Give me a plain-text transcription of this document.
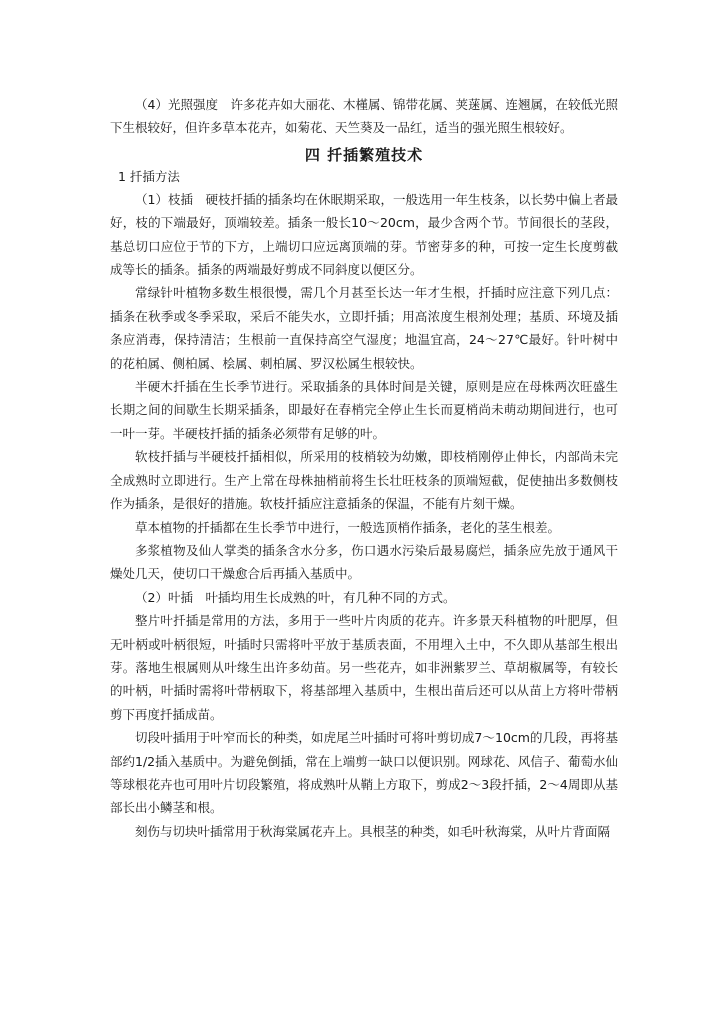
（4）光照强度　许多花卉如大丽花、木槿属、锦带花属、荚蒾属、连翘属，在较低光照下生根较好，但许多草本花卉，如菊花、天竺葵及一品红，适当的强光照生根较好。

四 扦插繁殖技术
1 扦插方法

（1）枝插　硬枝扦插的插条均在休眠期采取，一般选用一年生枝条，以长势中偏上者最好，枝的下端最好，顶端较差。插条一般长10～20cm，最少含两个节。节间很长的茎段，基总切口应位于节的下方，上端切口应远离顶端的芽。节密芽多的种，可按一定生长度剪截成等长的插条。插条的两端最好剪成不同斜度以便区分。

常绿针叶植物多数生根很慢，需几个月甚至长达一年才生根，扦插时应注意下列几点：插条在秋季或冬季采取，采后不能失水，立即扦插；用高浓度生根剂处理；基质、环境及插条应消毒，保持清洁；生根前一直保持高空气湿度；地温宜高，24～27℃最好。针叶树中的花柏属、侧柏属、桧属、刺柏属、罗汉松属生根较快。

半硬木扦插在生长季节进行。采取插条的具体时间是关键，原则是应在母株两次旺盛生长期之间的间歇生长期采插条，即最好在春梢完全停止生长而夏梢尚未萌动期间进行，也可一叶一芽。半硬枝扦插的插条必须带有足够的叶。

软枝扦插与半硬枝扦插相似，所采用的枝梢较为幼嫩，即枝梢刚停止伸长，内部尚未完全成熟时立即进行。生产上常在母株抽梢前将生长壮旺枝条的顶端短截，促使抽出多数侧枝作为插条，是很好的措施。软枝扦插应注意插条的保温，不能有片刻干燥。

草本植物的扦插都在生长季节中进行，一般选顶梢作插条，老化的茎生根差。

多浆植物及仙人掌类的插条含水分多，伤口遇水污染后最易腐烂，插条应先放于通风干燥处几天，使切口干燥愈合后再插入基质中。

（2）叶插　叶插均用生长成熟的叶，有几种不同的方式。

整片叶扦插是常用的方法，多用于一些叶片肉质的花卉。许多景天科植物的叶肥厚，但无叶柄或叶柄很短，叶插时只需将叶平放于基质表面，不用埋入土中，不久即从基部生根出芽。落地生根属则从叶缘生出许多幼苗。另一些花卉，如非洲紫罗兰、草胡椒属等，有较长的叶柄，叶插时需将叶带柄取下，将基部埋入基质中，生根出苗后还可以从苗上方将叶带柄剪下再度扦插成苗。

切段叶插用于叶窄而长的种类，如虎尾兰叶插时可将叶剪切成7～10cm的几段，再将基部约1/2插入基质中。为避免倒插，常在上端剪一缺口以便识别。网球花、风信子、葡萄水仙等球根花卉也可用叶片切段繁殖，将成熟叶从鞘上方取下，剪成2～3段扦插，2～4周即从基部长出小鳞茎和根。

刻伤与切块叶插常用于秋海棠属花卉上。具根茎的种类，如毛叶秋海棠，从叶片背面隔
